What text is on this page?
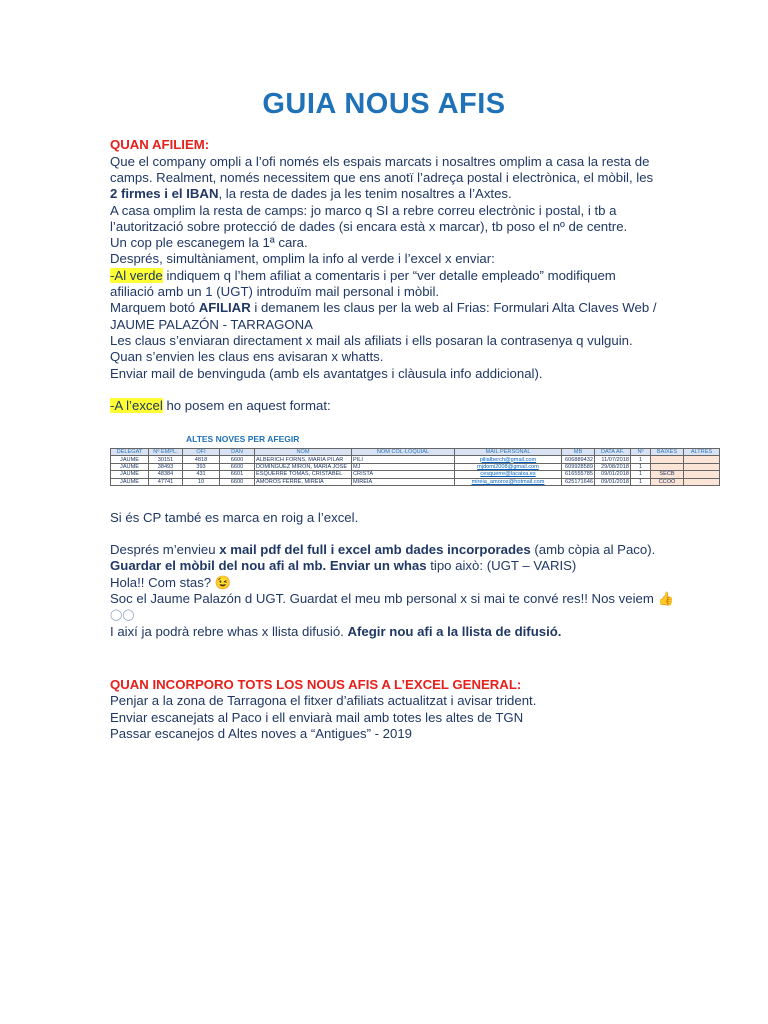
GUIA NOUS AFIS
QUAN AFILIEM:
Que el company ompli a l’ofi només els espais marcats i nosaltres omplim a casa la resta de
camps. Realment, només necessitem que ens anotï l’adreça postal i electrònica, el mòbil, les
2 firmes i el IBAN, la resta de dades ja les tenim nosaltres a l’Axtes.
A casa omplim la resta de camps: jo marco q SI a rebre correu electrònic i postal, i tb a
l’autorització sobre protecció de dades (si encara està x marcar), tb poso el nº de centre.
Un cop ple escanegem la 1ª cara.
Després, simultàniament, omplim la info al verde i l’excel x enviar:
-Al verde indiquem q l’hem afiliat a comentaris i per “ver detalle empleado” modifiquem
afiliació amb un 1 (UGT) introduïm mail personal i mòbil.
Marquem botó AFILIAR i demanem les claus per la web al Frias: Formulari Alta Claves Web /
JAUME PALAZÓN - TARRAGONA
Les claus s’enviaran directament x mail als afiliats i ells posaran la contrasenya q vulguin.
Quan s’envien les claus ens avisaran x whatts.
Enviar mail de benvinguda (amb els avantatges i clàusula info addicional).
-A l’excel ho posem en aquest format:
ALTES NOVES PER AFEGIR
DELEGAT	Nº EMPL.	OFI	DAN	NOM	NOM COL·LOQUIAL	MAIL PERSONAL	MB	DATA AF.	Nº	BAIXES	ALTRES
JAUME	30151	4818	6600	ALBERICH FORNS, MARIA PILAR	PILI	pilialberch@gmail.com	606889432	11/07/2018	1		
JAUME	38493	393	6600	DOMINGUEZ MIRON, MARIA JOSE	MJ	mjdomi2008@gmail.com	609928589	29/08/2018	1		
JAUME	48384	431	6601	ESQUERRE TOMAS, CRISTABEL	CRISTA	cesquerre@lacaixa.es	616555785	09/01/2018	1	SECB	
JAUME	47741	10	6600	AMOROS FERRE, MIREIA	MIREIA	mireia_amoros@hotmail.com	625171646	09/01/2018	1	CCOO	
Si és CP també es marca en roig a l’excel.
Després m’envieu x mail pdf del full i excel amb dades incorporades (amb còpia al Paco).
Guardar el mòbil del nou afi al mb. Enviar un whas tipo això: (UGT – VARIS)
Hola!! Com stas? 😉
Soc el Jaume Palazón d UGT. Guardat el meu mb personal x si mai te convé res!! Nos veiem 👍
◯◯
I així ja podrà rebre whas x llista difusió. Afegir nou afi a la llista de difusió.
QUAN INCORPORO TOTS LOS NOUS AFIS A L’EXCEL GENERAL:
Penjar a la zona de Tarragona el fitxer d’afiliats actualitzat i avisar trident.
Enviar escanejats al Paco i ell enviarà mail amb totes les altes de TGN
Passar escanejos d Altes noves a “Antigues” - 2019
